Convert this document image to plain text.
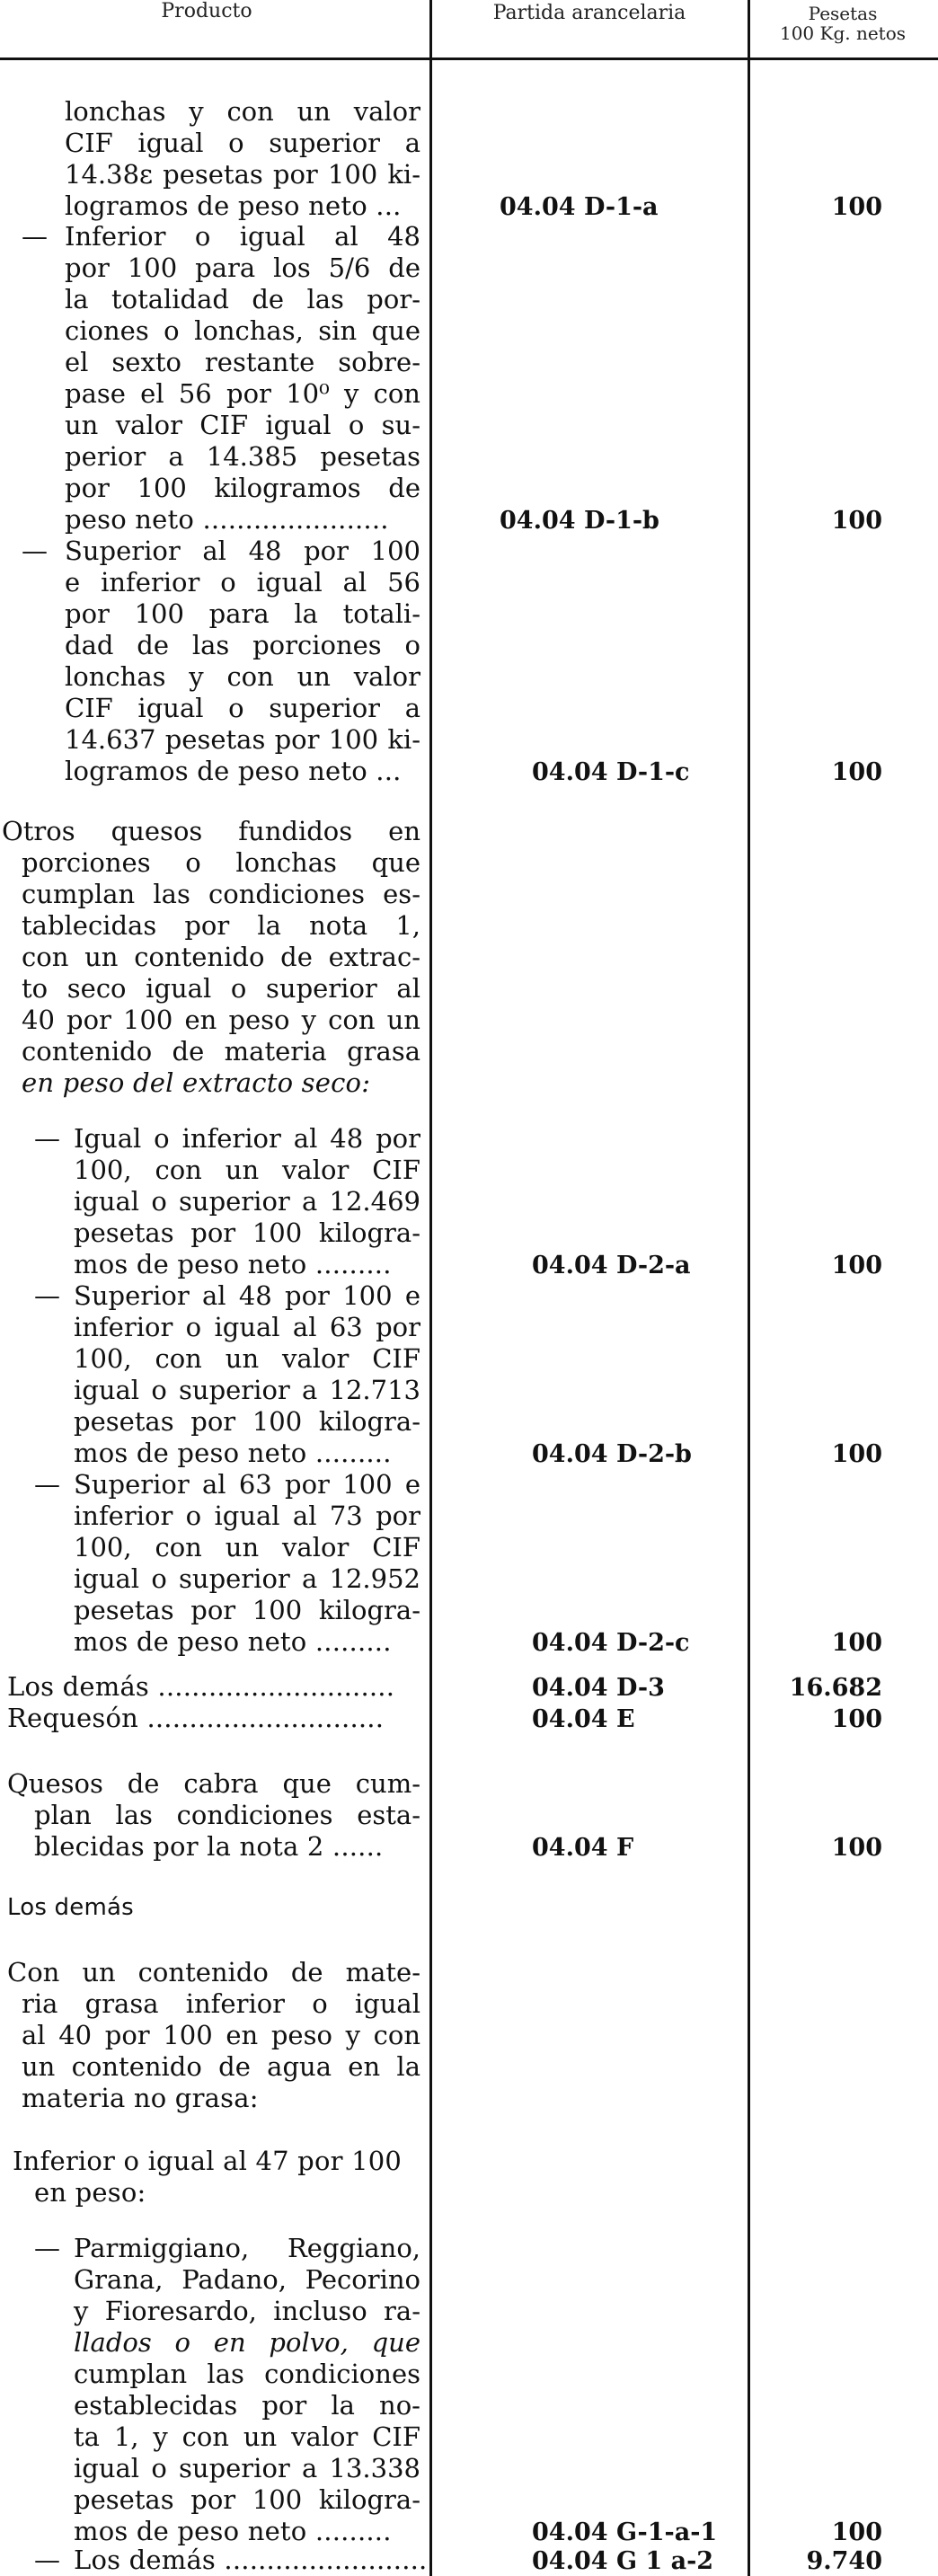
Producto	Partida arancelaria	Pesetas
100 Kg. netos
lonchas y con un valor
CIF igual o superior a
14.38ε pesetas por 100 ki-
logramos de peso neto ...	04.04 D-1-a	100
— Inferior o igual al 48
por 100 para los 5/6 de
la totalidad de las por-
ciones o lonchas, sin que
el sexto restante sobre-
pase el 56 por 10⁰ y con
un valor CIF igual o su-
perior a 14.385 pesetas
por 100 kilogramos de
peso neto ......................	04.04 D-1-b	100
— Superior al 48 por 100
e inferior o igual al 56
por 100 para la totali-
dad de las porciones o
lonchas y con un valor
CIF igual o superior a
14.637 pesetas por 100 ki-
logramos de peso neto ...	04.04 D-1-c	100
Otros quesos fundidos en
porciones o lonchas que
cumplan las condiciones es-
tablecidas por la nota 1,
con un contenido de extrac-
to seco igual o superior al
40 por 100 en peso y con un
contenido de materia grasa
en peso del extracto seco:
— Igual o inferior al 48 por
100, con un valor CIF
igual o superior a 12.469
pesetas por 100 kilogra-
mos de peso neto .........	04.04 D-2-a	100
— Superior al 48 por 100 e
inferior o igual al 63 por
100, con un valor CIF
igual o superior a 12.713
pesetas por 100 kilogra-
mos de peso neto .........	04.04 D-2-b	100
— Superior al 63 por 100 e
inferior o igual al 73 por
100, con un valor CIF
igual o superior a 12.952
pesetas por 100 kilogra-
mos de peso neto .........	04.04 D-2-c	100
Los demás ............................	04.04 D-3	16.682
Requesón ............................	04.04 E	100
Quesos de cabra que cum-
plan las condiciones esta-
blecidas por la nota 2 ......	04.04 F	100
Los demás
Con un contenido de mate-
ria grasa inferior o igual
al 40 por 100 en peso y con
un contenido de agua en la
materia no grasa:
Inferior o igual al 47 por 100
en peso:
— Parmiggiano, Reggiano,
Grana, Padano, Pecorino
y Fioresardo, incluso ra-
llados o en polvo, que
cumplan las condiciones
establecidas por la no-
ta 1, y con un valor CIF
igual o superior a 13.338
pesetas por 100 kilogra-
mos de peso neto .........	04.04 G-1-a-1	100
— Los demás ........................	04.04 G 1 a-2	9.740
